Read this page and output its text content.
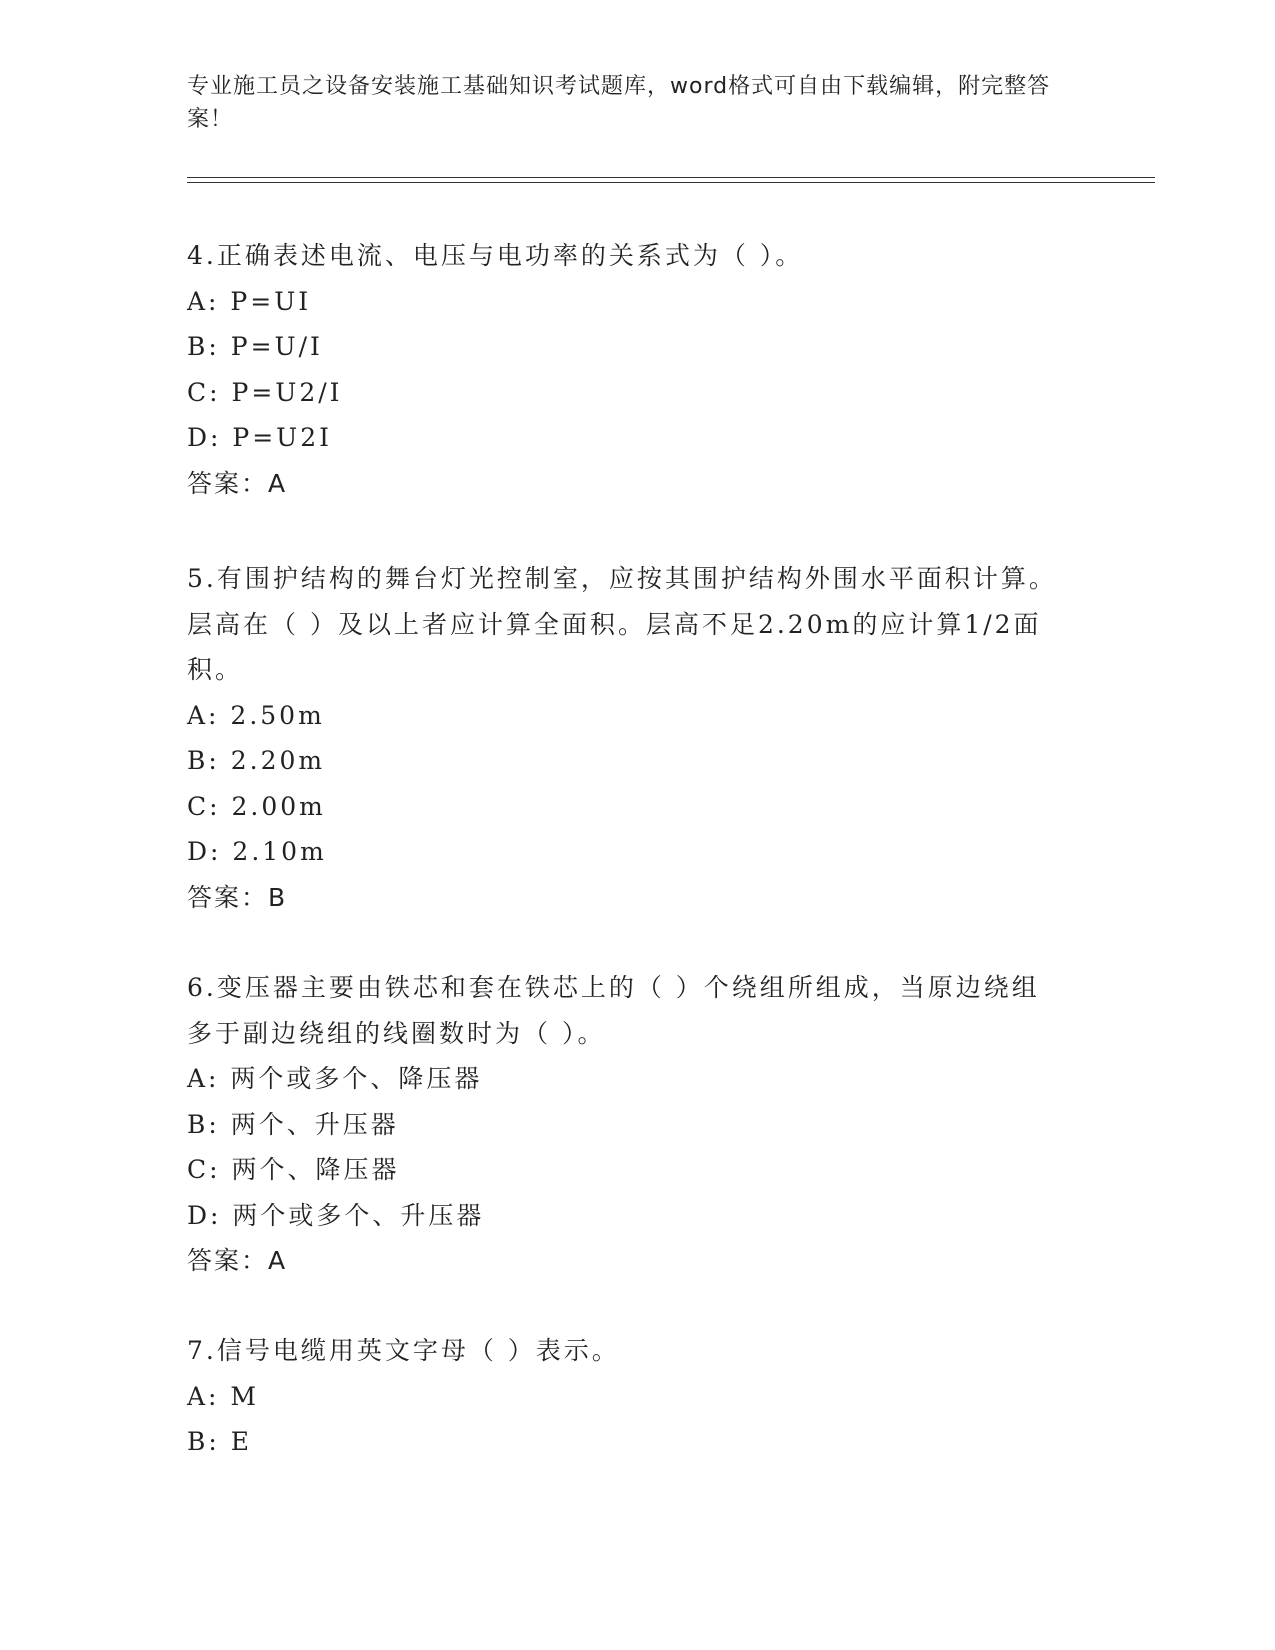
专业施工员之设备安装施工基础知识考试题库，word格式可自由下载编辑，附完整答案！
4.正确表述电流、电压与电功率的关系式为（ ）。
A: P=UI
B: P=U/I
C: P=U2/I
D: P=U2I
答案：A
5.有围护结构的舞台灯光控制室，应按其围护结构外围水平面积计算。层高在（ ）及以上者应计算全面积。层高不足2.20m的应计算1/2面积。
A: 2.50m
B: 2.20m
C: 2.00m
D: 2.10m
答案：B
6.变压器主要由铁芯和套在铁芯上的（ ）个绕组所组成，当原边绕组多于副边绕组的线圈数时为（ ）。
A: 两个或多个、降压器
B: 两个、升压器
C: 两个、降压器
D: 两个或多个、升压器
答案：A
7.信号电缆用英文字母（ ）表示。
A: M
B: E
